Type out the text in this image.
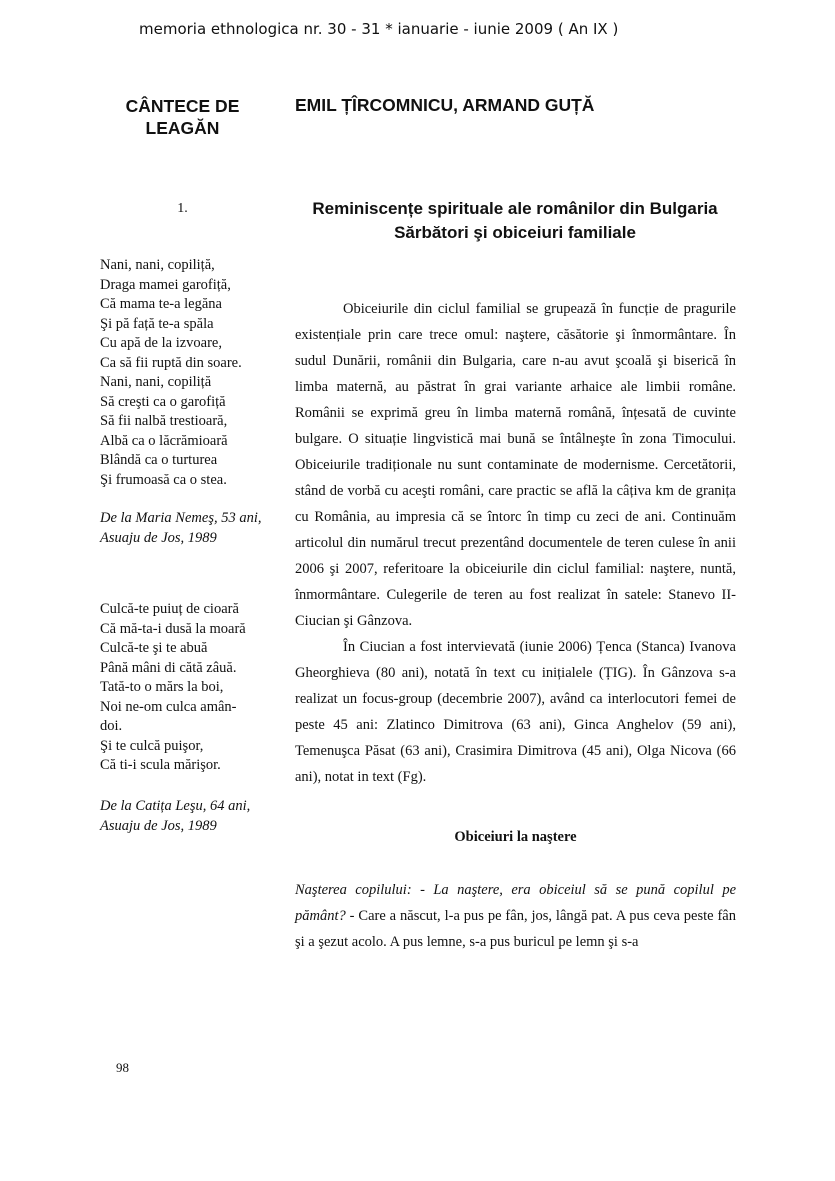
memoria ethnologica nr. 30 - 31 * ianuarie - iunie 2009 ( An IX )
CÂNTECE DE LEAGĂN
EMIL ȚÎRCOMNICU, ARMAND GUȚĂ
1.	Reminiscențe spirituale ale românilor din Bulgaria
Sărbători şi obiceiuri familiale
Nani, nani, copiliță,
Draga mamei garofiță,
Că mama te-a legăna
Şi pă față te-a spăla
Cu apă de la izvoare,
Ca să fii ruptă din soare.
Nani, nani, copiliță
Să creşti ca o garofiță
Să fii nalbă trestioară,
Albă ca o lăcrămioară
Blândă ca o turturea
Şi frumoasă ca o stea.
De la Maria Nemeş, 53 ani, Asuaju de Jos, 1989
Culcă-te puiuț de cioară
Că mă-ta-i dusă la moară
Culcă-te şi te abuă
Până mâni di cătă zâuă.
Tată-to o mărs la boi,
Noi ne-om culca amân-
doi.
Şi te culcă puişor,
Că ti-i scula mărişor.
De la Catița Leşu, 64 ani, Asuaju de Jos, 1989

Obiceiurile din ciclul familial se grupează în funcție de pragurile existențiale prin care trece omul: naştere, căsătorie şi înmormântare. În sudul Dunării, românii din Bulgaria, care n-au avut şcoală şi biserică în limba maternă, au păstrat în grai variante arhaice ale limbii române. Românii se exprimă greu în limba maternă română, înțesată de cuvinte bulgare. O situație lingvistică mai bună se întâlneşte în zona Timocului. Obiceiurile tradiționale nu sunt contaminate de modernisme. Cercetătorii, stând de vorbă cu aceşti români, care practic se află la câțiva km de granița cu România, au impresia că se întorc în timp cu zeci de ani. Continuăm articolul din numărul trecut prezentând documentele de teren culese în anii 2006 şi 2007, referitoare la obiceiurile din ciclul familial: naştere, nuntă, înmormântare. Culegerile de teren au fost realizat în satele: Stanevo II-Ciucian şi Gânzova.

În Ciucian a fost intervievată (iunie 2006) Țenca (Stanca) Ivanova Gheorghieva (80 ani), notată în text cu inițialele (ȚIG). În Gânzova s-a realizat un focus-group (decembrie 2007), având ca interlocutori femei de peste 45 ani: Zlatinco Dimitrova (63 ani), Ginca Anghelov (59 ani), Temenuşca Păsat (63 ani), Crasimira Dimitrova (45 ani), Olga Nicova (66 ani), notat in text (Fg).

Obiceiuri la naştere

Naşterea copilului: - La naştere, era obiceiul să se pună copilul pe pământ? - Care a născut, l-a pus pe fân, jos, lângă pat. A pus ceva peste fân şi a şezut acolo. A pus lemne, s-a pus buricul pe lemn şi s-a

98
